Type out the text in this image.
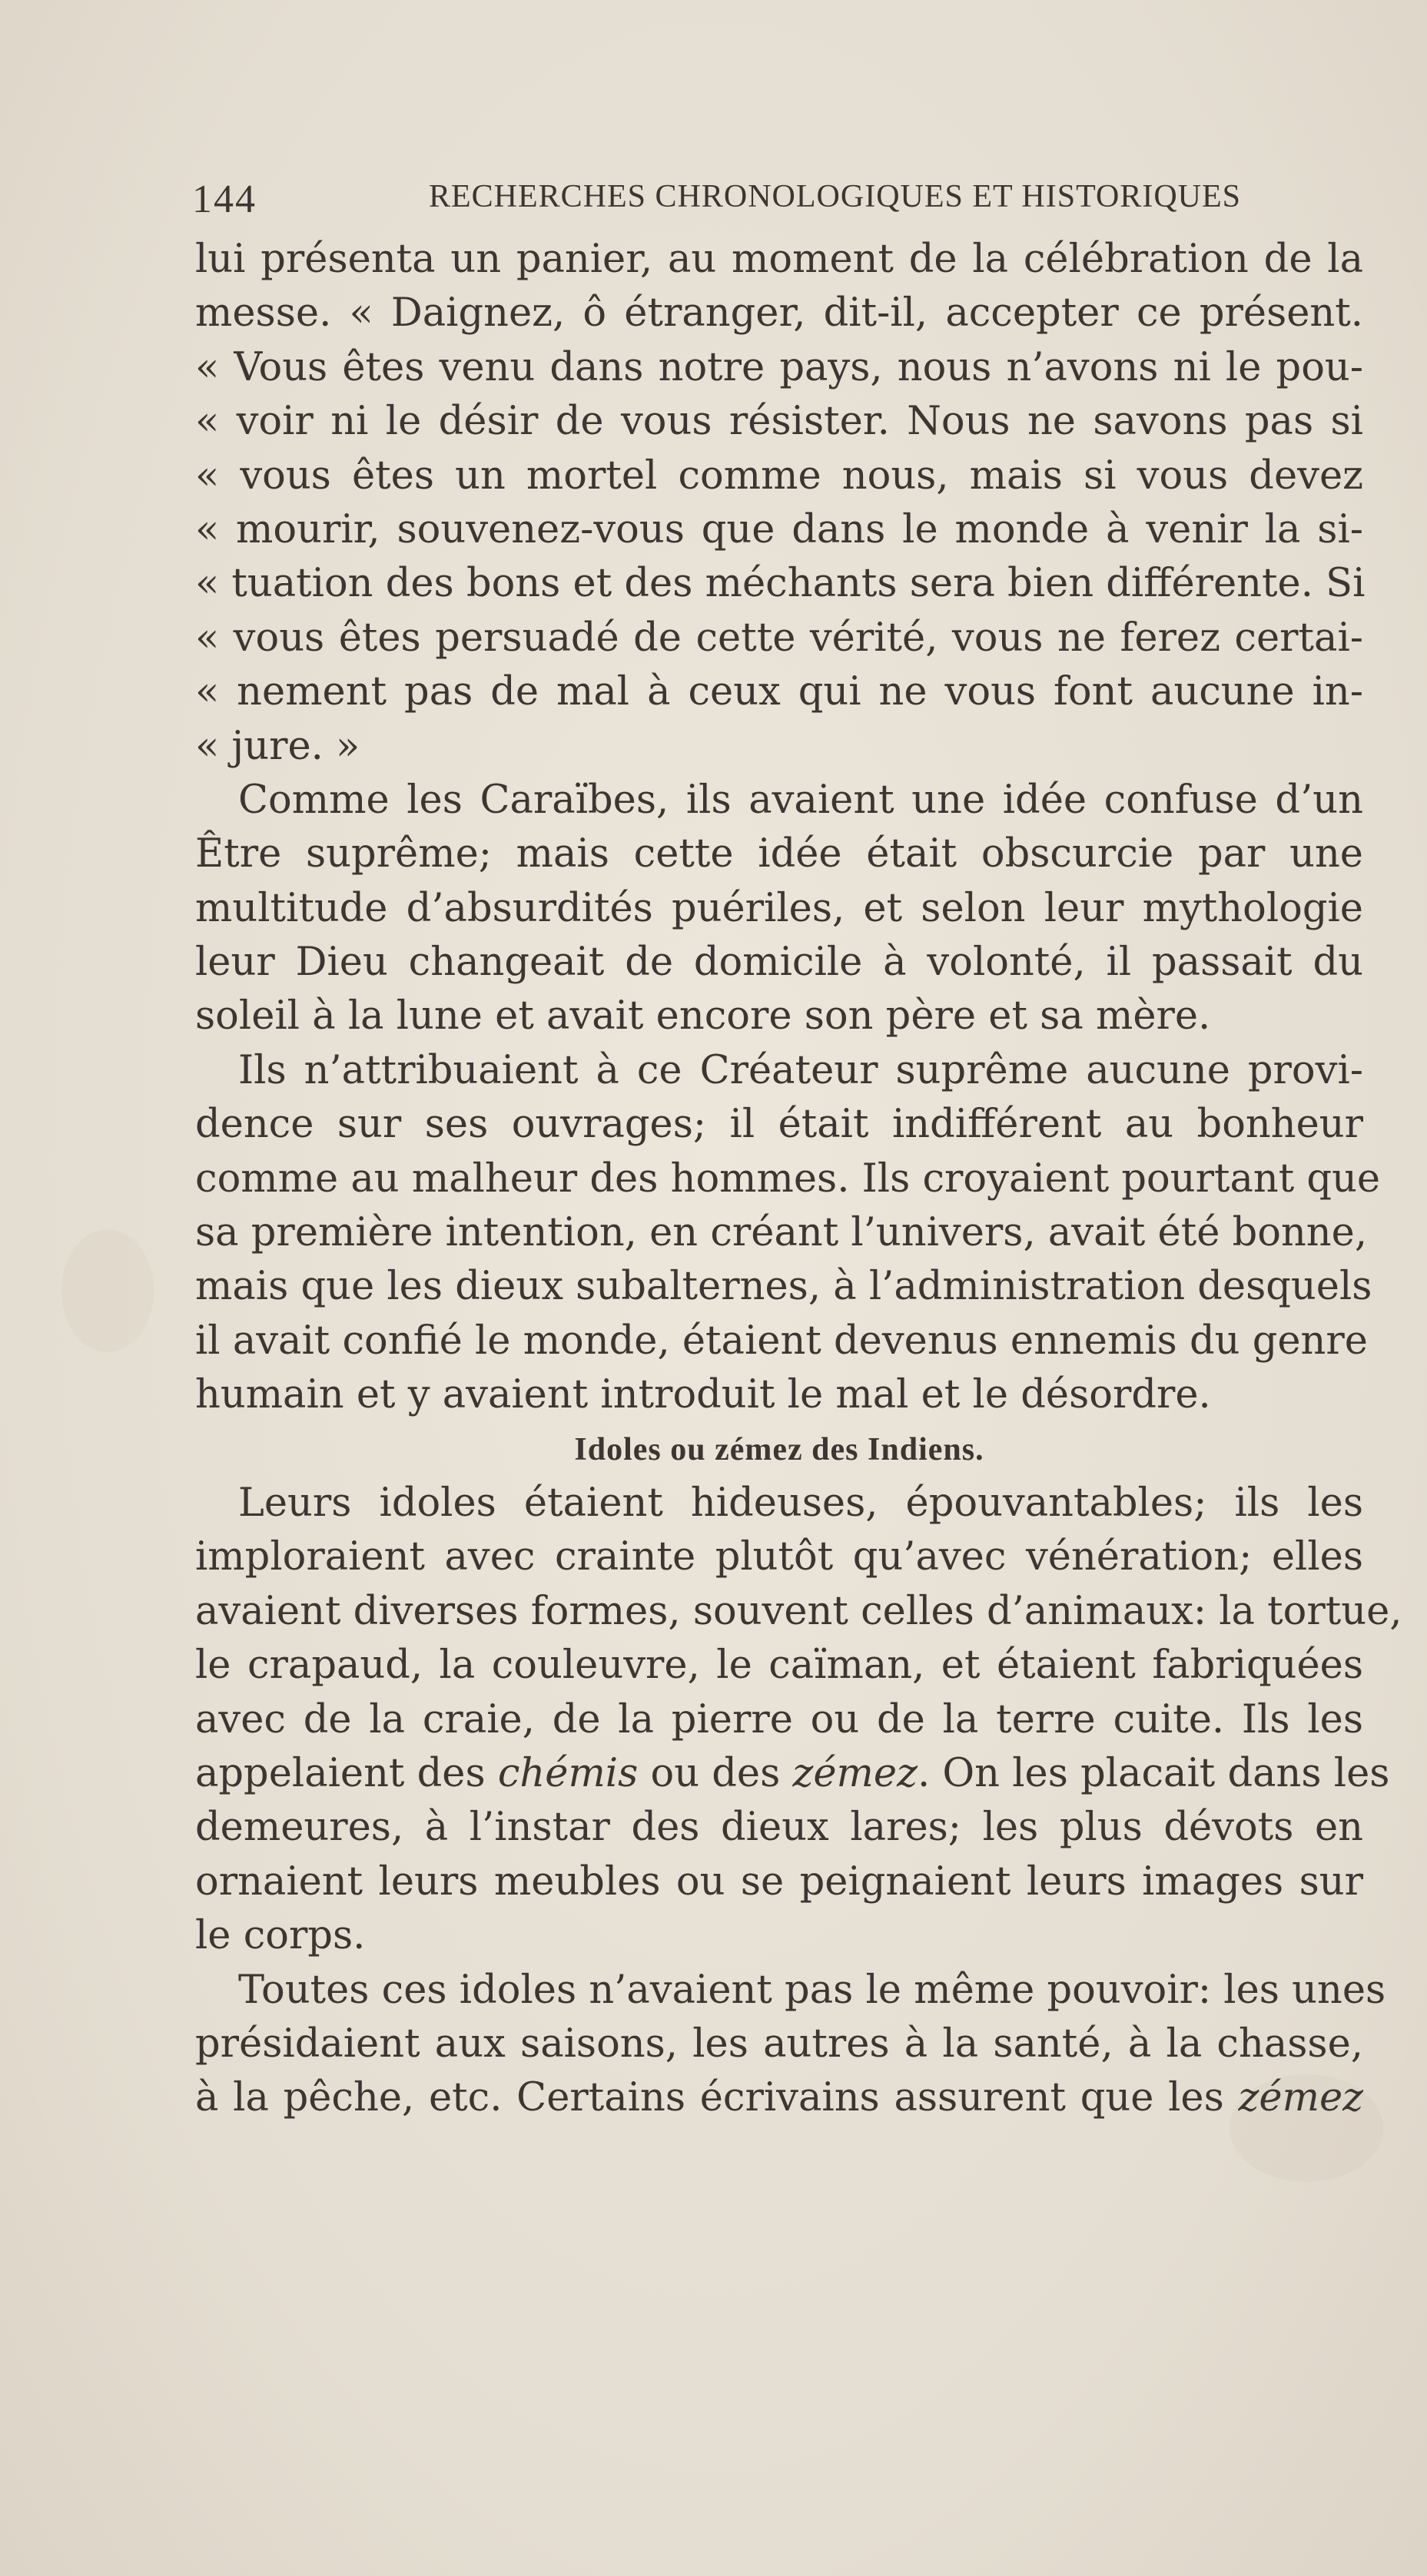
144	RECHERCHES CHRONOLOGIQUES ET HISTORIQUES
lui présenta un panier, au moment de la célébration de la
messe. « Daignez, ô étranger, dit-il, accepter ce présent.
« Vous êtes venu dans notre pays, nous n’avons ni le pou-
« voir ni le désir de vous résister. Nous ne savons pas si
« vous êtes un mortel comme nous, mais si vous devez
« mourir, souvenez-vous que dans le monde à venir la si-
« tuation des bons et des méchants sera bien différente. Si
« vous êtes persuadé de cette vérité, vous ne ferez certai-
« nement pas de mal à ceux qui ne vous font aucune in-
« jure. »
Comme les Caraïbes, ils avaient une idée confuse d’un
Être suprême; mais cette idée était obscurcie par une
multitude d’absurdités puériles, et selon leur mythologie
leur Dieu changeait de domicile à volonté, il passait du
soleil à la lune et avait encore son père et sa mère.
Ils n’attribuaient à ce Créateur suprême aucune provi-
dence sur ses ouvrages; il était indifférent au bonheur
comme au malheur des hommes. Ils croyaient pourtant que
sa première intention, en créant l’univers, avait été bonne,
mais que les dieux subalternes, à l’administration desquels
il avait confié le monde, étaient devenus ennemis du genre
humain et y avaient introduit le mal et le désordre.
Idoles ou zémez des Indiens.
Leurs idoles étaient hideuses, épouvantables; ils les
imploraient avec crainte plutôt qu’avec vénération; elles
avaient diverses formes, souvent celles d’animaux: la tortue,
le crapaud, la couleuvre, le caïman, et étaient fabriquées
avec de la craie, de la pierre ou de la terre cuite. Ils les
appelaient des chémis ou des zémez. On les placait dans les
demeures, à l’instar des dieux lares; les plus dévots en
ornaient leurs meubles ou se peignaient leurs images sur
le corps.
Toutes ces idoles n’avaient pas le même pouvoir: les unes
présidaient aux saisons, les autres à la santé, à la chasse,
à la pêche, etc. Certains écrivains assurent que les zémez
